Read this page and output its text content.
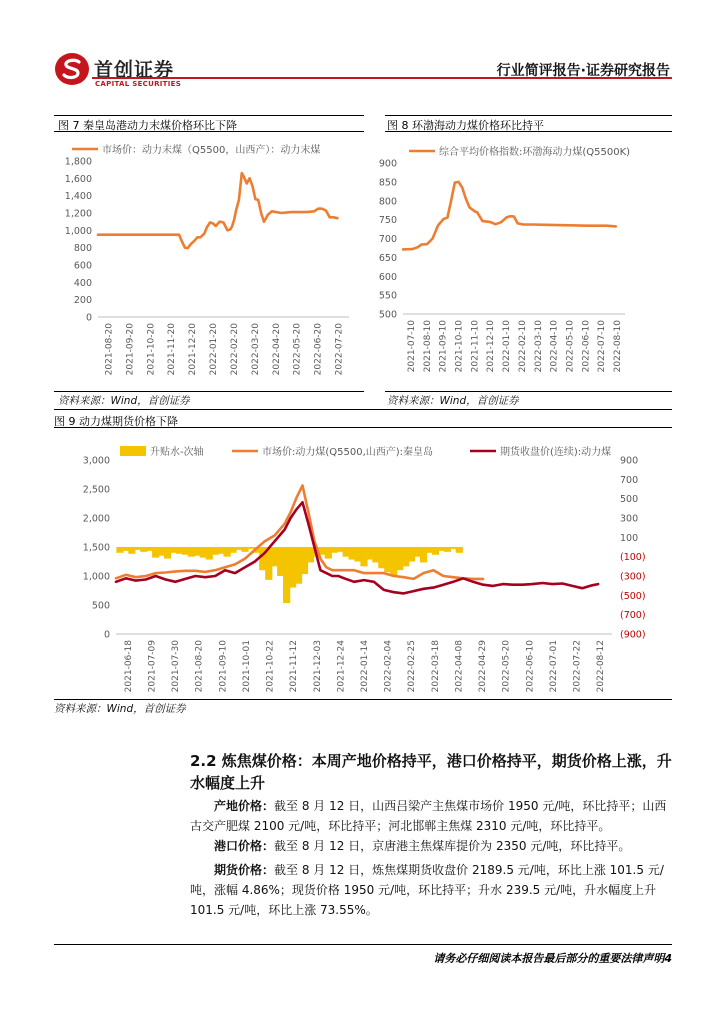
首创证券
CAPITAL SECURITIES
行业简评报告·证券研究报告
图 7 秦皇岛港动力末煤价格环比下降	图 8 环渤海动力煤价格环比持平
0
200
400
600
800
1,000
1,200
1,400
1,600
1,800
2021-08-20 2021-09-20 2021-10-20 2021-11-20 2021-12-20 2022-01-20 2022-02-20 2022-03-20 2022-04-20 2022-05-20 2022-06-20 2022-07-20
市场价：动力末煤（Q5500，山西产）：动力末煤
500
550
600
650
700
750
800
850
900
2021-07-10 2021-08-10 2021-09-10 2021-10-10 2021-11-10 2021-12-10 2022-01-10 2022-02-10 2022-03-10 2022-04-10 2022-05-10 2022-06-10 2022-07-10 2022-08-10
综合平均价格指数:环渤海动力煤(Q5500K)
资料来源：Wind，首创证券	资料来源：Wind，首创证券
图 9 动力煤期货价格下降
0
500
1,000
1,500
2,000
2,500
3,000
(900)
(700)
(500)
(300)
(100)
100
300
500
700
900
2021-06-18 2021-07-09 2021-07-30 2021-08-20 2021-09-10 2021-10-01 2021-10-22 2021-11-12 2021-12-03 2021-12-24 2022-01-14 2022-02-04 2022-02-25 2022-03-18 2022-04-08 2022-04-29 2022-05-20 2022-06-10 2022-07-01 2022-07-22 2022-08-12
升贴水-次轴	市场价:动力煤(Q5500,山西产):秦皇岛	期货收盘价(连续):动力煤
资料来源：Wind，首创证券
2.2 炼焦煤价格：本周产地价格持平，港口价格持平，期货价格上涨，升水幅度上升
产地价格：截至 8 月 12 日，山西吕梁产主焦煤市场价 1950 元/吨，环比持平；山西古交产肥煤 2100 元/吨，环比持平；河北邯郸主焦煤 2310 元/吨，环比持平。
港口价格：截至 8 月 12 日，京唐港主焦煤库提价为 2350 元/吨，环比持平。
期货价格：截至 8 月 12 日，炼焦煤期货收盘价 2189.5 元/吨，环比上涨 101.5 元/吨，涨幅 4.86%；现货价格 1950 元/吨，环比持平；升水 239.5 元/吨，升水幅度上升 101.5 元/吨，环比上涨 73.55%。
请务必仔细阅读本报告最后部分的重要法律声明4
